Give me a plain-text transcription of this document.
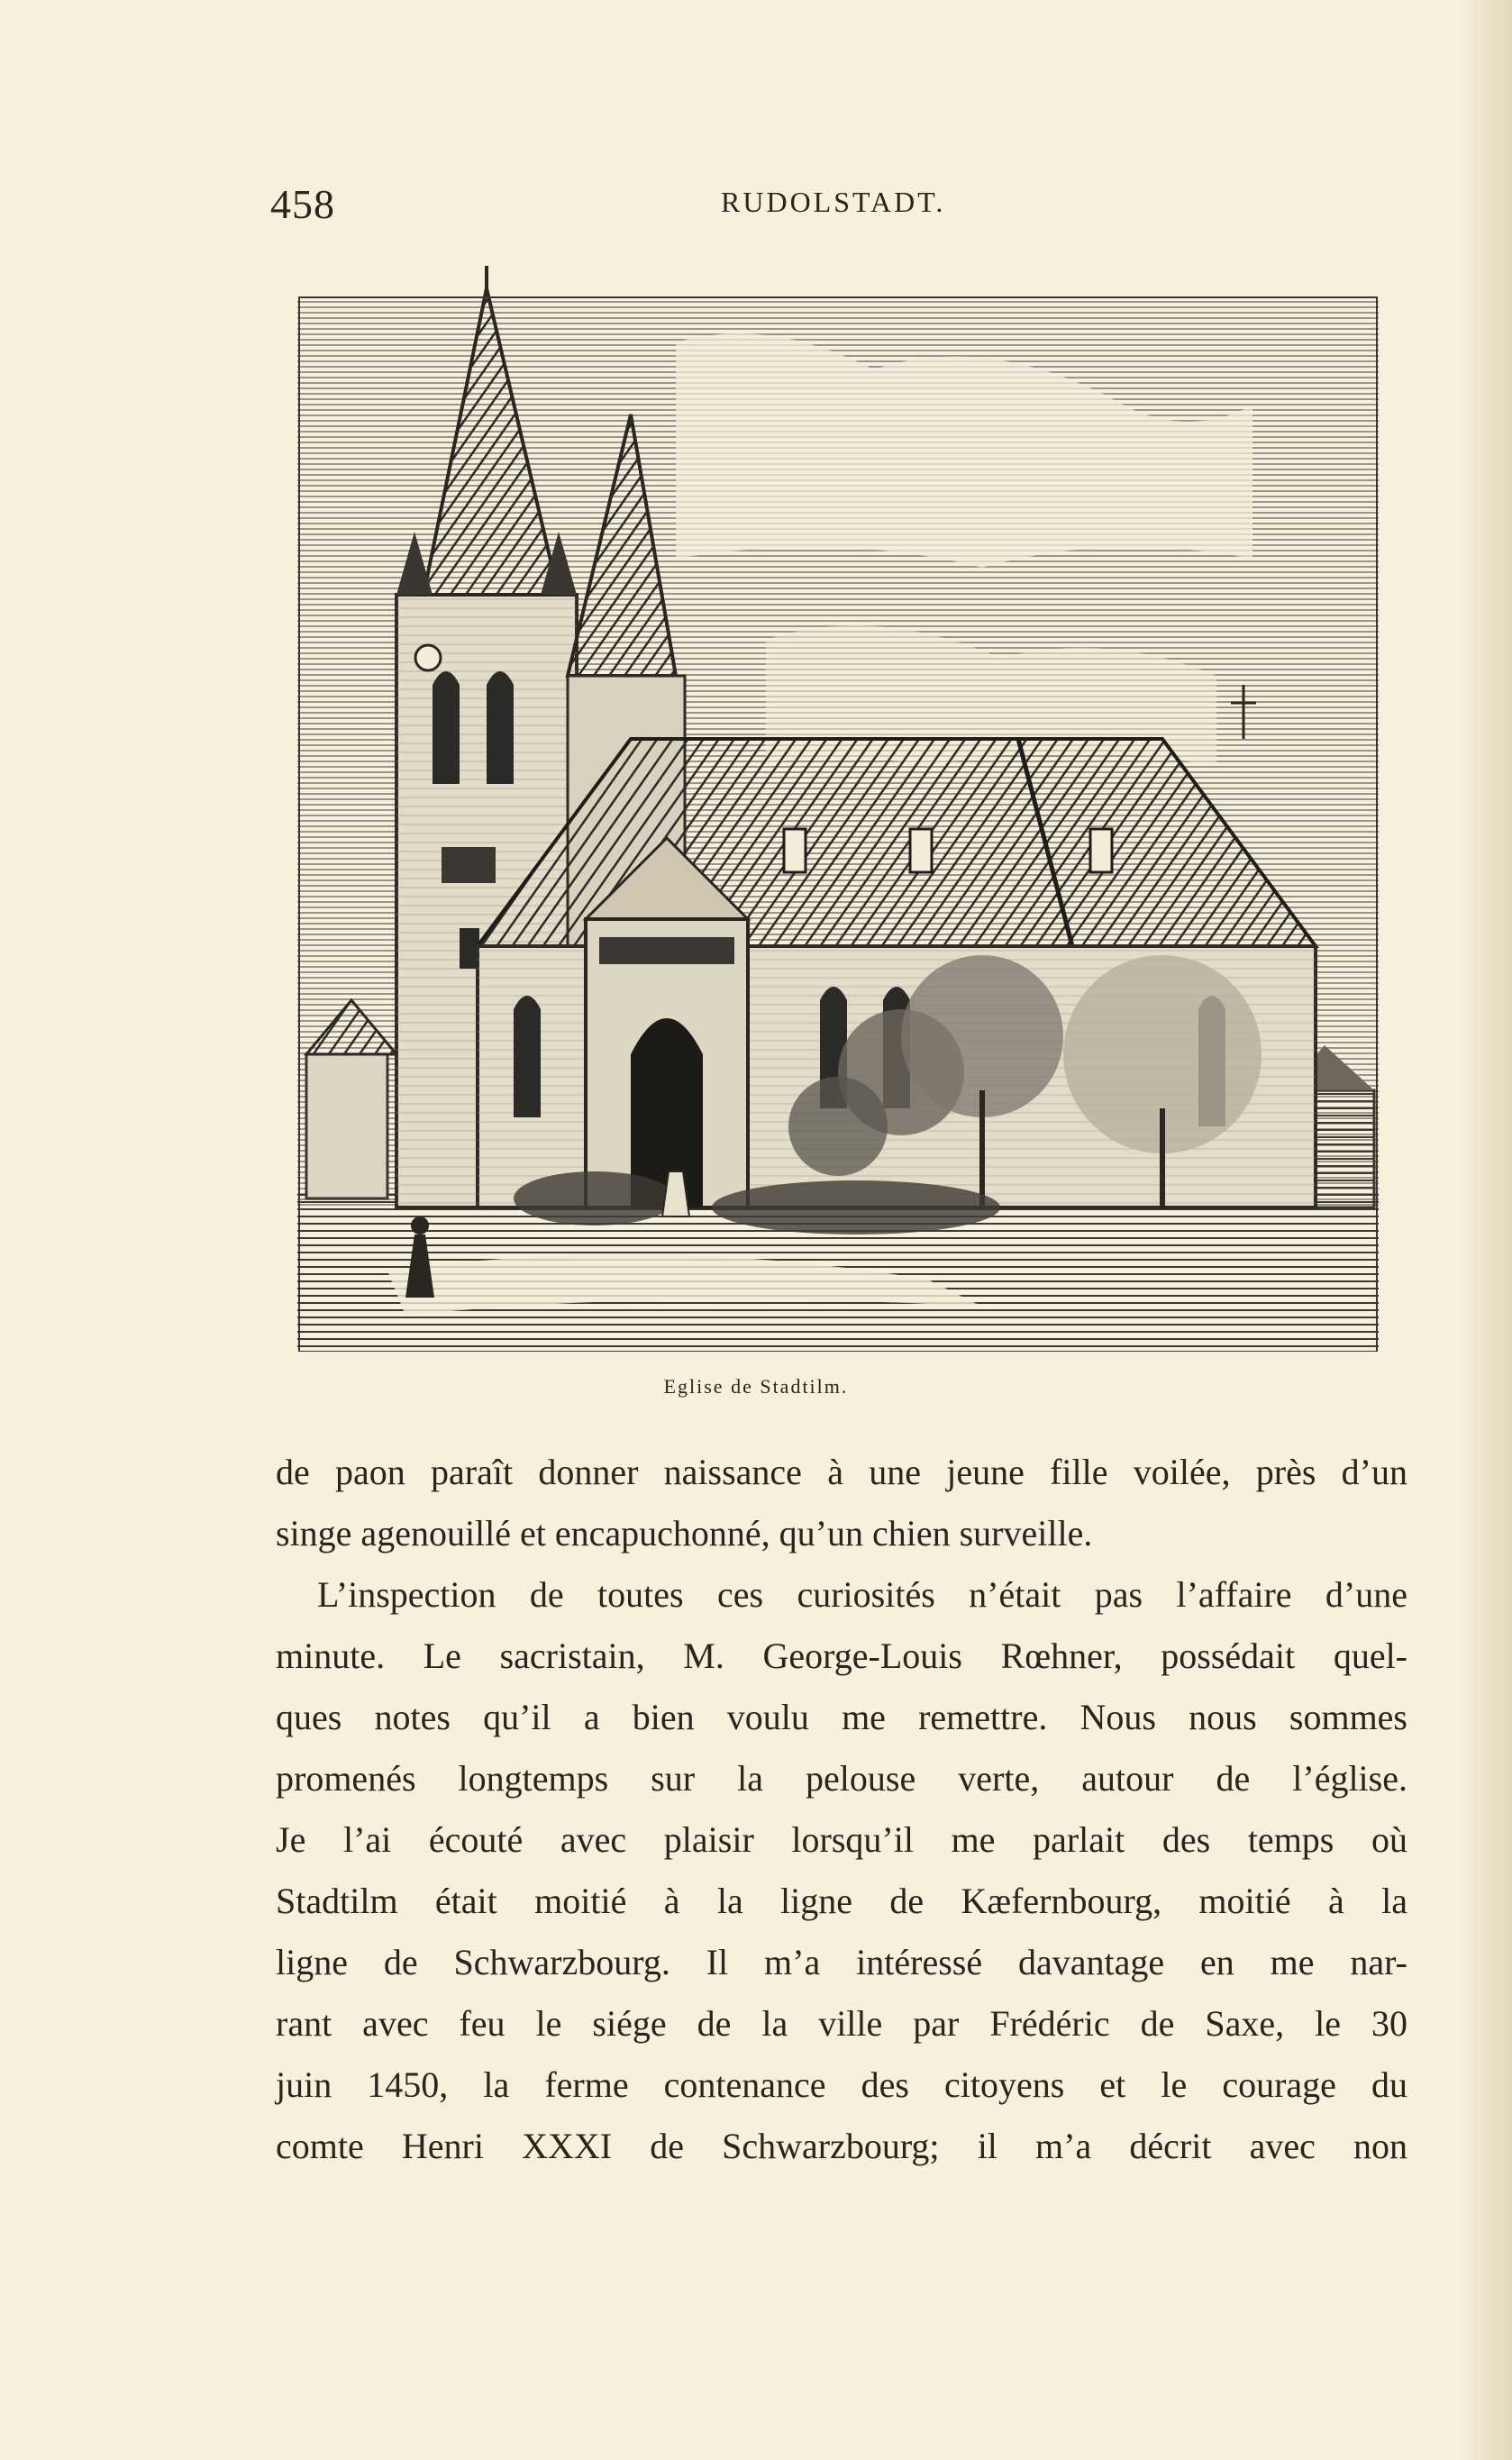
458	RUDOLSTADT.
Eglise de Stadtilm.
de paon paraît donner naissance à une jeune fille voilée, près d’un
singe agenouillé et encapuchonné, qu’un chien surveille.
L’inspection de toutes ces curiosités n’était pas l’affaire d’une
minute. Le sacristain, M. George-Louis Rœhner, possédait quel-
ques notes qu’il a bien voulu me remettre. Nous nous sommes
promenés longtemps sur la pelouse verte, autour de l’église.
Je l’ai écouté avec plaisir lorsqu’il me parlait des temps où
Stadtilm était moitié à la ligne de Kæfernbourg, moitié à la
ligne de Schwarzbourg. Il m’a intéressé davantage en me nar-
rant avec feu le siége de la ville par Frédéric de Saxe, le 30
juin 1450, la ferme contenance des citoyens et le courage du
comte Henri XXXI de Schwarzbourg; il m’a décrit avec non
